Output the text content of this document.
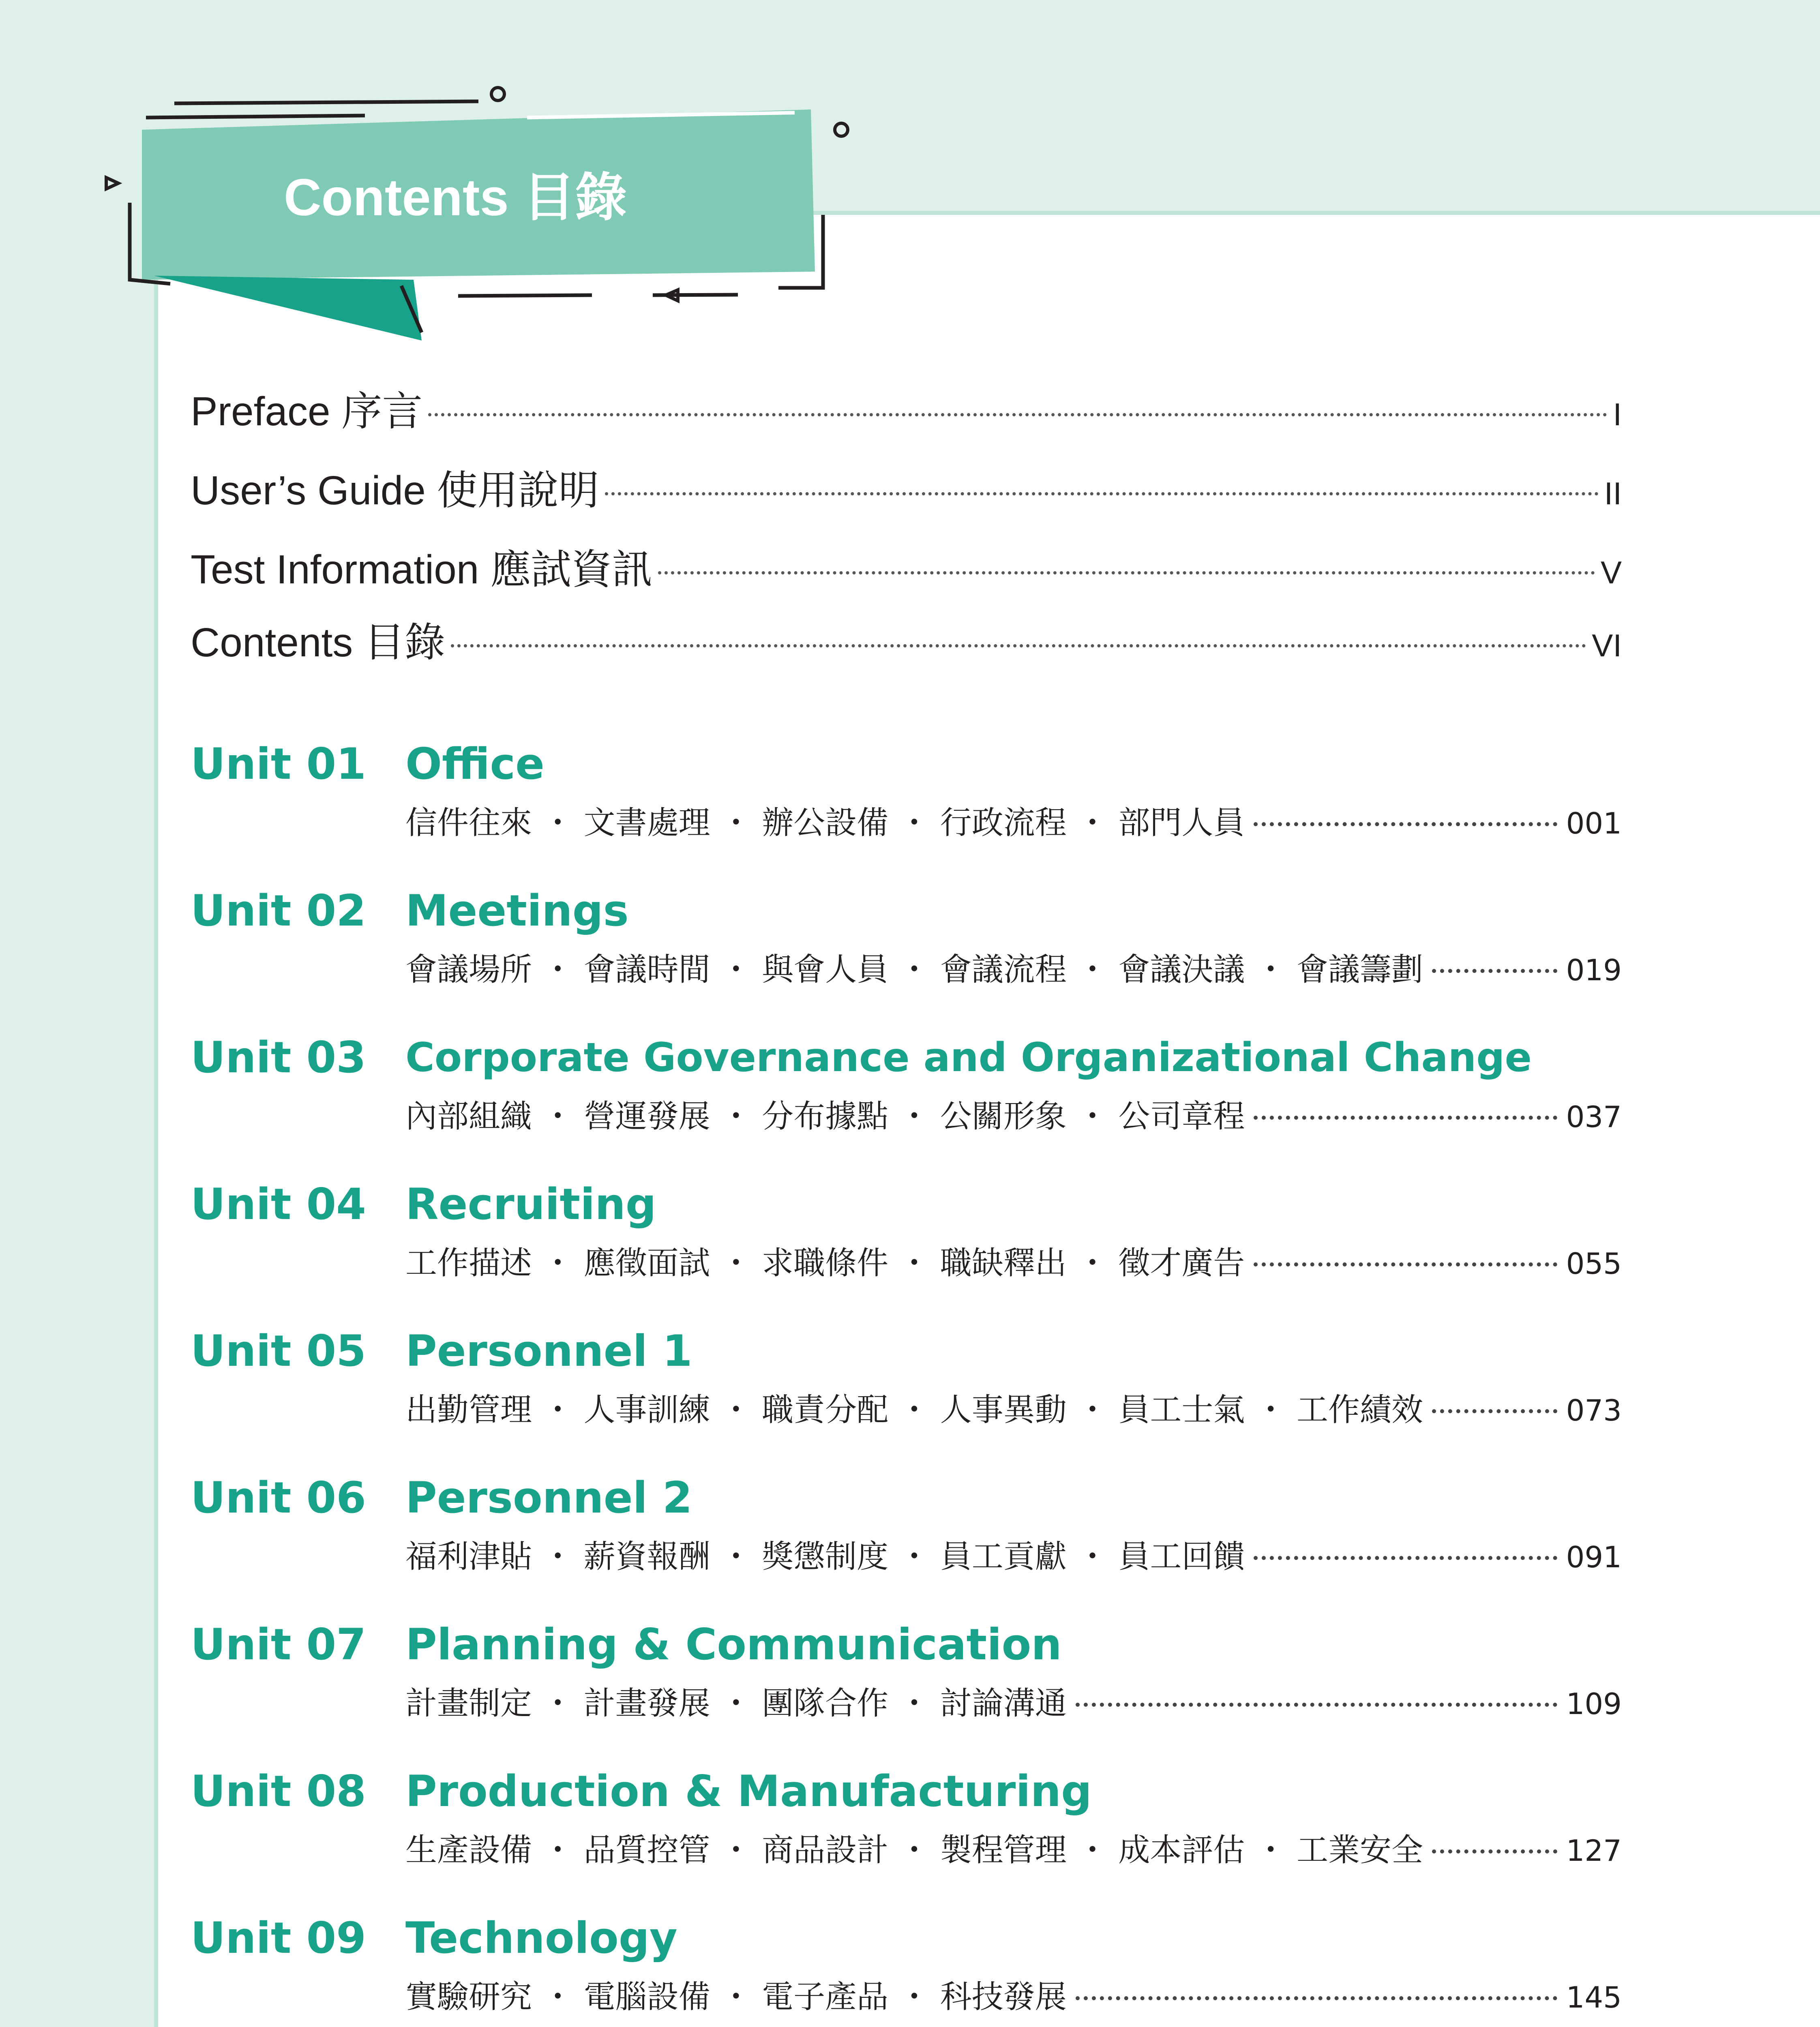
Contents 目錄
Preface 序言	I
User’s Guide 使用說明	II
Test Information 應試資訊	V
Contents 目錄	VI
Unit 01 Office
信件往來 ・ 文書處理 ・ 辦公設備 ・ 行政流程 ・ 部門人員	001
Unit 02 Meetings
會議場所 ・ 會議時間 ・ 與會人員 ・ 會議流程 ・ 會議決議 ・ 會議籌劃	019
Unit 03 Corporate Governance and Organizational Change
內部組織 ・ 營運發展 ・ 分布據點 ・ 公關形象 ・ 公司章程	037
Unit 04 Recruiting
工作描述 ・ 應徵面試 ・ 求職條件 ・ 職缺釋出 ・ 徵才廣告	055
Unit 05 Personnel 1
出勤管理 ・ 人事訓練 ・ 職責分配 ・ 人事異動 ・ 員工士氣 ・ 工作績效	073
Unit 06 Personnel 2
福利津貼 ・ 薪資報酬 ・ 獎懲制度 ・ 員工貢獻 ・ 員工回饋	091
Unit 07 Planning & Communication
計畫制定 ・ 計畫發展 ・ 團隊合作 ・ 討論溝通	109
Unit 08 Production & Manufacturing
生產設備 ・ 品質控管 ・ 商品設計 ・ 製程管理 ・ 成本評估 ・ 工業安全	127
Unit 09 Technology
實驗研究 ・ 電腦設備 ・ 電子產品 ・ 科技發展	145
